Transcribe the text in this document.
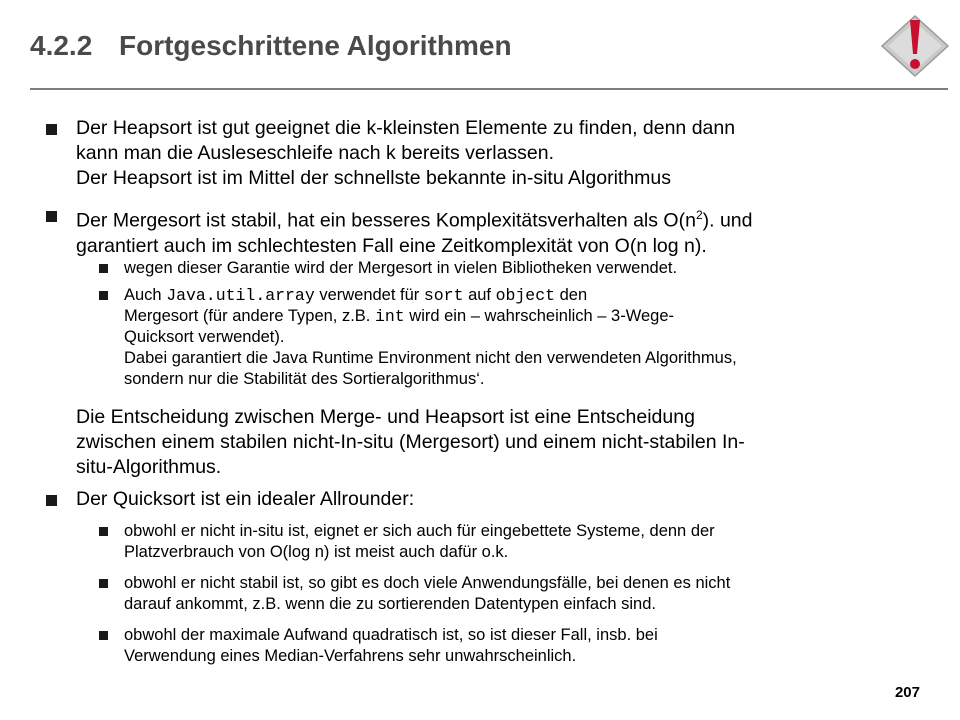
4.2.2 Fortgeschrittene Algorithmen
Der Heapsort ist gut geeignet die k-kleinsten Elemente zu finden, denn dann
kann man die Ausleseschleife nach k bereits verlassen.
Der Heapsort ist im Mittel der schnellste bekannte in-situ Algorithmus
Der Mergesort ist stabil, hat ein besseres Komplexitätsverhalten als $O(n^2)$. und
garantiert auch im schlechtesten Fall eine Zeitkomplexität von O(n log n).
wegen dieser Garantie wird der Mergesort in vielen Bibliotheken verwendet.
Auch Java.util.array verwendet für sort auf object den
Mergesort (für andere Typen, z.B. int wird ein – wahrscheinlich – 3-Wege-
Quicksort verwendet).
Dabei garantiert die Java Runtime Environment nicht den verwendeten Algorithmus,
sondern nur die Stabilität des Sortieralgorithmus‘.
Die Entscheidung zwischen Merge- und Heapsort ist eine Entscheidung
zwischen einem stabilen nicht-In-situ (Mergesort) und einem nicht-stabilen In-
situ-Algorithmus.
Der Quicksort ist ein idealer Allrounder:
obwohl er nicht in-situ ist, eignet er sich auch für eingebettete Systeme, denn der
Platzverbrauch von O(log n) ist meist auch dafür o.k.
obwohl er nicht stabil ist, so gibt es doch viele Anwendungsfälle, bei denen es nicht
darauf ankommt, z.B. wenn die zu sortierenden Datentypen einfach sind.
obwohl der maximale Aufwand quadratisch ist, so ist dieser Fall, insb. bei
Verwendung eines Median-Verfahrens sehr unwahrscheinlich.
207
